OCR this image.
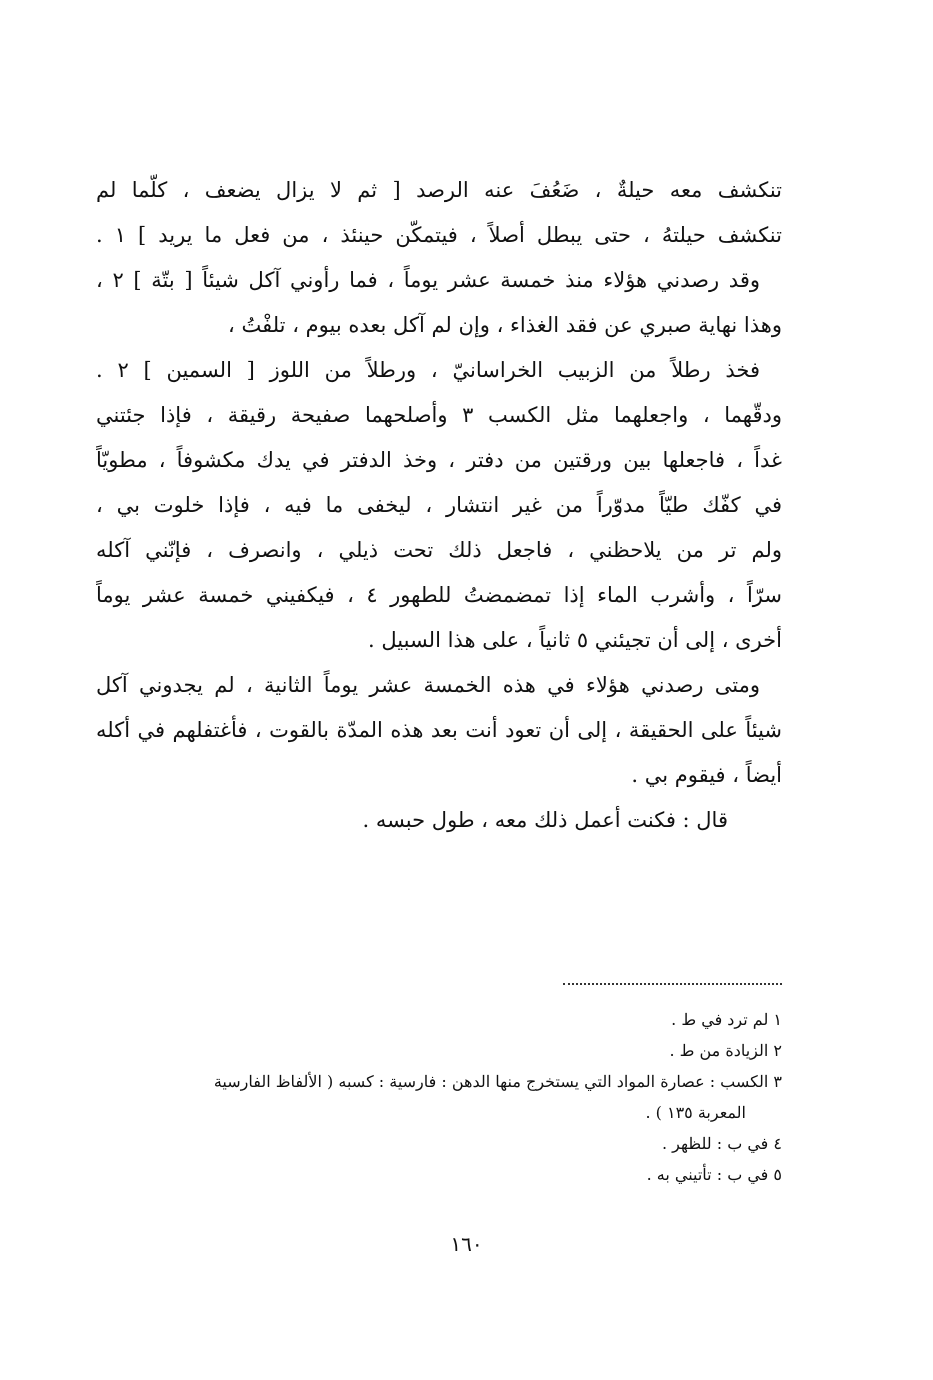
تنكشف معه حيلةٌ ، ضَعُفَ عنه الرصد [ ثم لا يزال يضعف ، كلّما لم
تنكشف حيلتهُ ، حتى يبطل أصلاً ، فيتمكّن حينئذ ، من فعل ما يريد ] ١ .
وقد رصدني هؤلاء منذ خمسة عشر يوماً ، فما رأوني آكل شيئاً [ بتّة ] ٢ ،
وهذا نهاية صبري عن فقد الغذاء ، وإن لم آكل بعده بيوم ، تلفْتُ ،
فخذ رطلاً من الزبيب الخراسانيّ ، ورطلاً من اللوز [ السمين ] ٢ .
ودقّهما ، واجعلهما مثل الكسب ٣ وأصلحهما صفيحة رقيقة ، فإذا جئتني
غداً ، فاجعلها بين ورقتين من دفتر ، وخذ الدفتر في يدك مكشوفاً ، مطويّاً
في كفّك طيّاً مدوّراً من غير انتشار ، ليخفى ما فيه ، فإذا خلوت بي ،
ولم تر من يلاحظني ، فاجعل ذلك تحت ذيلي ، وانصرف ، فإنّني آكله
سرّاً ، وأشرب الماء إذا تمضمضتُ للطهور ٤ ، فيكفيني خمسة عشر يوماً
أخرى ، إلى أن تجيئني ٥ ثانياً ، على هذا السبيل .
ومتى رصدني هؤلاء في هذه الخمسة عشر يوماً الثانية ، لم يجدوني آكل
شيئاً على الحقيقة ، إلى أن تعود أنت بعد هذه المدّة بالقوت ، فأغتفلهم في أكله
أيضاً ، فيقوم بي .
قال : فكنت أعمل ذلك معه ، طول حبسه .
١ لم ترد في ط .
٢ الزيادة من ط .
٣ الكسب : عصارة المواد التي يستخرج منها الدهن : فارسية : كسبه ( الألفاظ الفارسية
المعربة ١٣٥ ) .
٤ في ب : للظهر .
٥ في ب : تأتيني به .
١٦٠
